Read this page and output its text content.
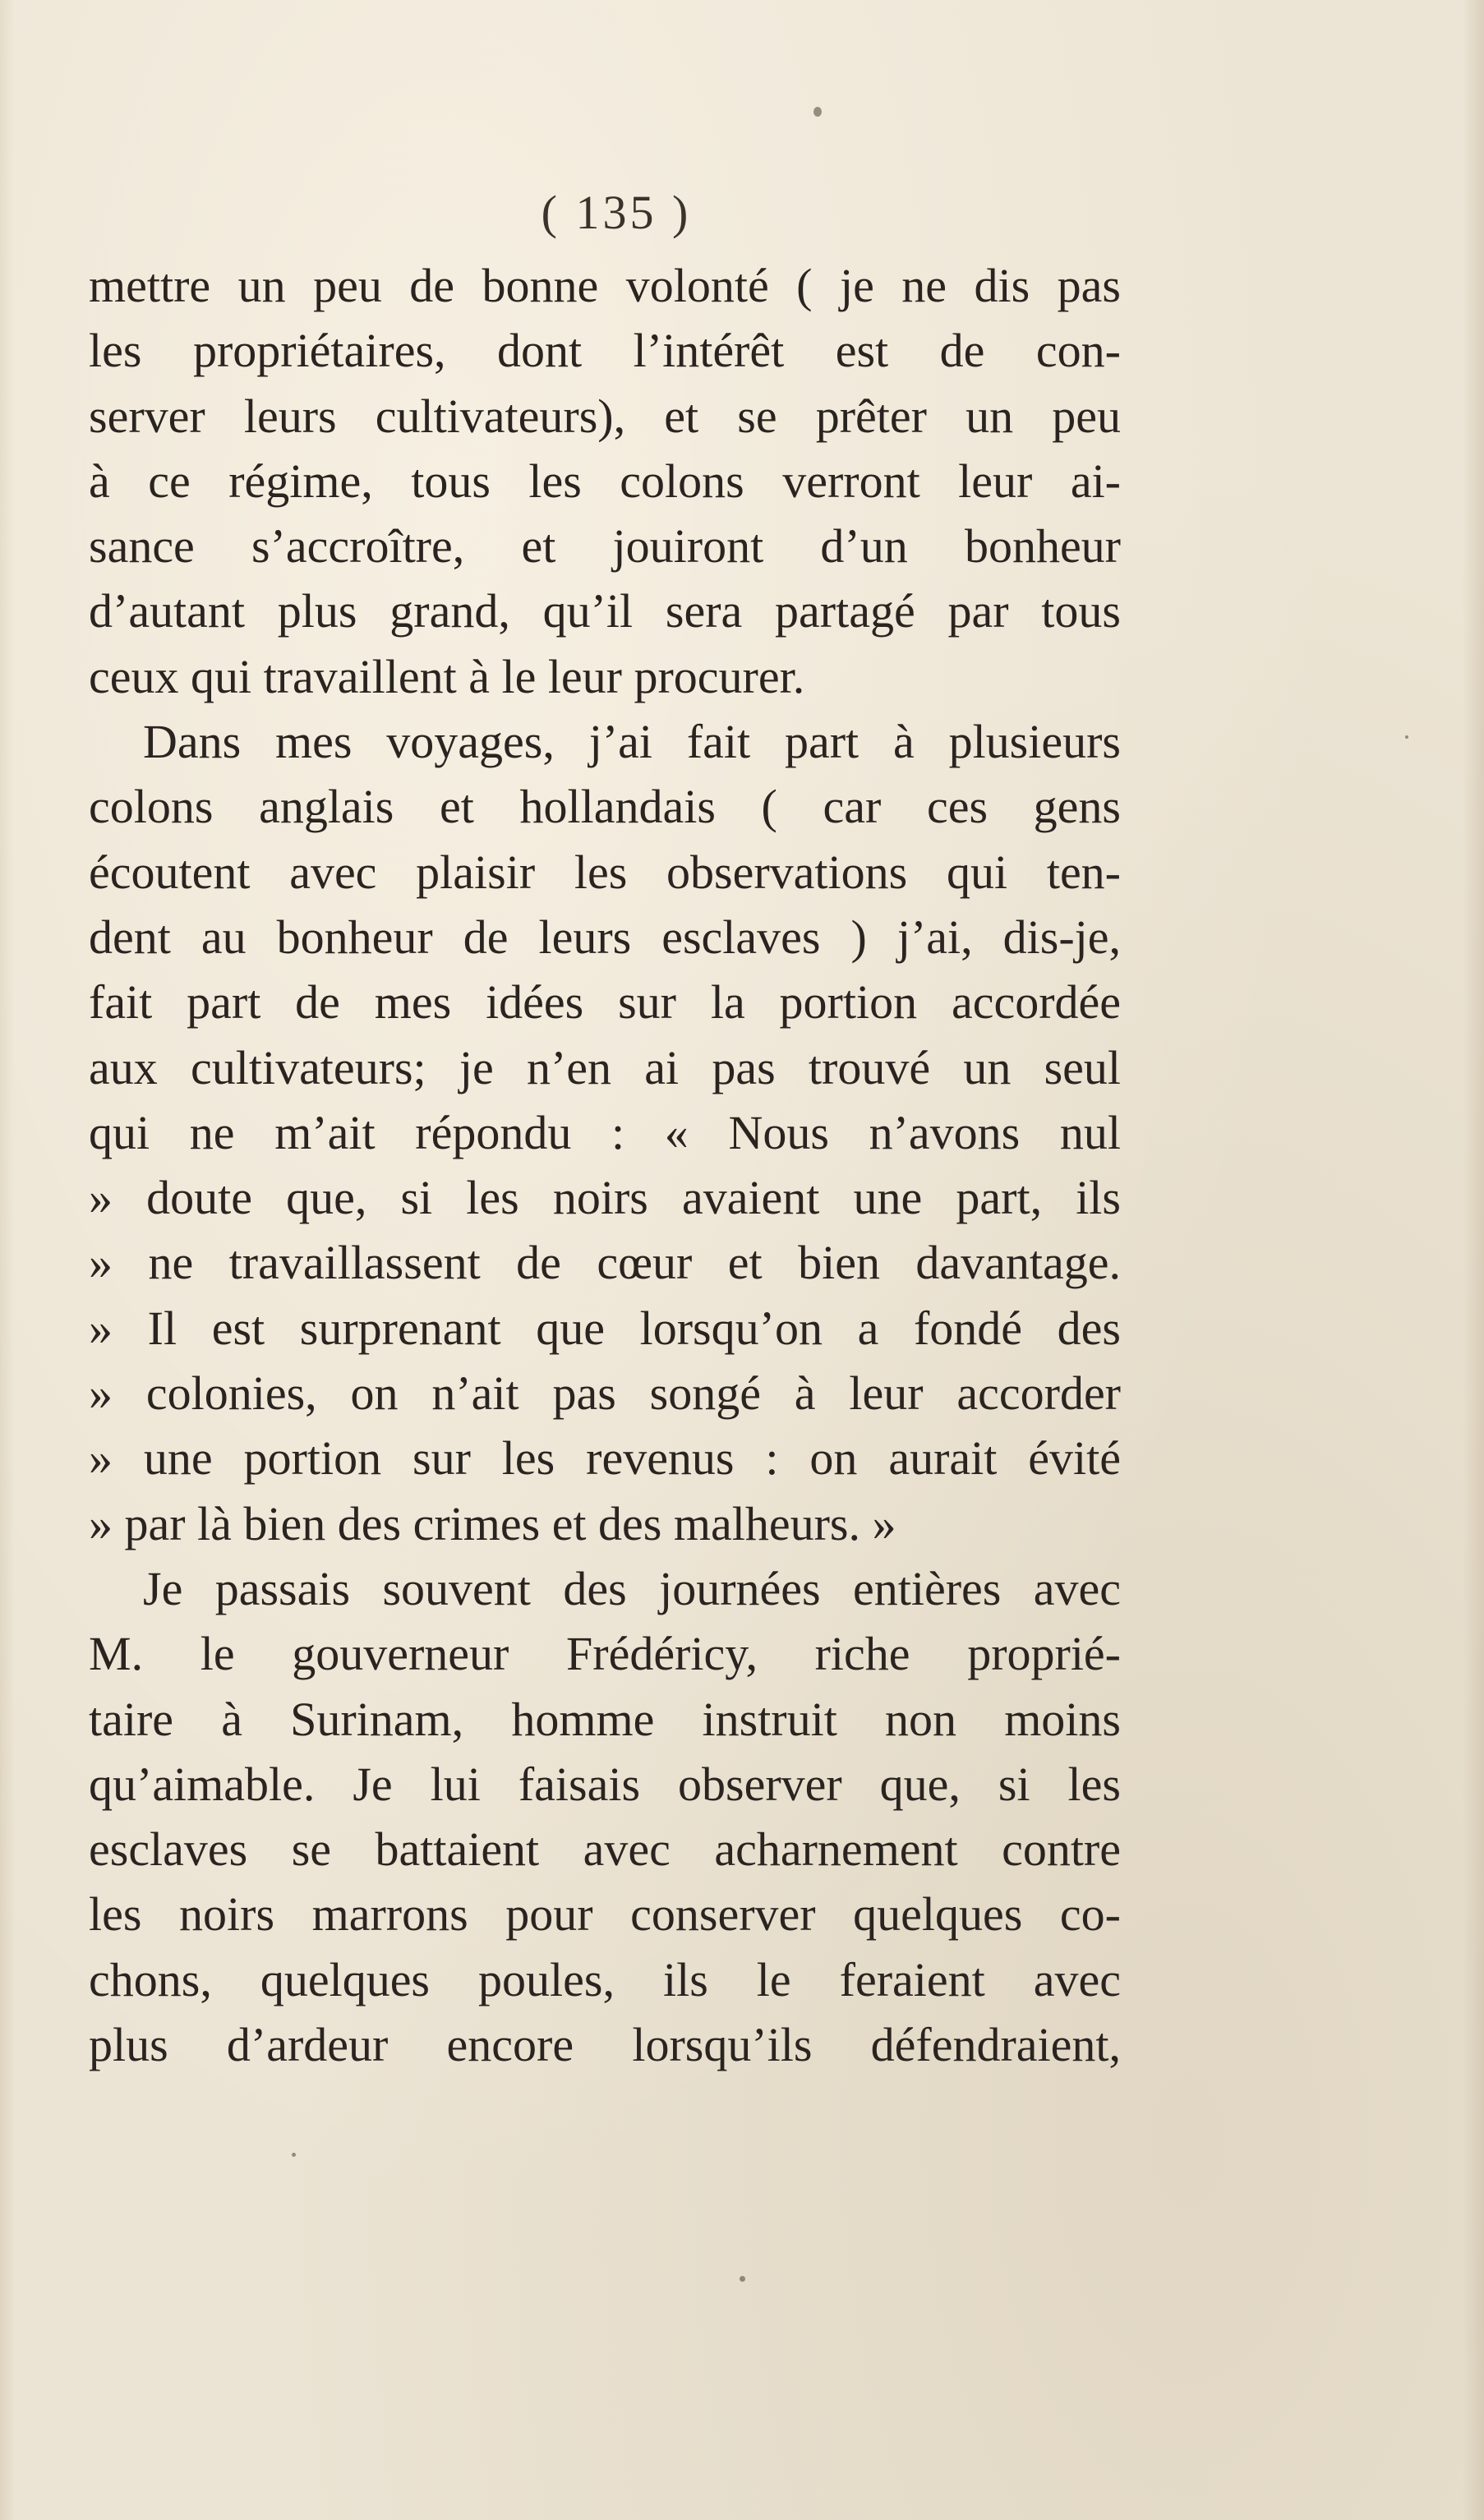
( 135 )
mettre un peu de bonne volonté ( je ne dis pas
les propriétaires, dont l’intérêt est de con-
server leurs cultivateurs), et se prêter un peu
à ce régime, tous les colons verront leur ai-
sance s’accroître, et jouiront d’un bonheur
d’autant plus grand, qu’il sera partagé par tous
ceux qui travaillent à le leur procurer.
Dans mes voyages, j’ai fait part à plusieurs
colons anglais et hollandais ( car ces gens
écoutent avec plaisir les observations qui ten-
dent au bonheur de leurs esclaves ) j’ai, dis-je,
fait part de mes idées sur la portion accordée
aux cultivateurs; je n’en ai pas trouvé un seul
qui ne m’ait répondu : « Nous n’avons nul
» doute que, si les noirs avaient une part, ils
» ne travaillassent de cœur et bien davantage.
» Il est surprenant que lorsqu’on a fondé des
» colonies, on n’ait pas songé à leur accorder
» une portion sur les revenus : on aurait évité
» par là bien des crimes et des malheurs. »
Je passais souvent des journées entières avec
M. le gouverneur Frédéricy, riche proprié-
taire à Surinam, homme instruit non moins
qu’aimable. Je lui faisais observer que, si les
esclaves se battaient avec acharnement contre
les noirs marrons pour conserver quelques co-
chons, quelques poules, ils le feraient avec
plus d’ardeur encore lorsqu’ils défendraient,
